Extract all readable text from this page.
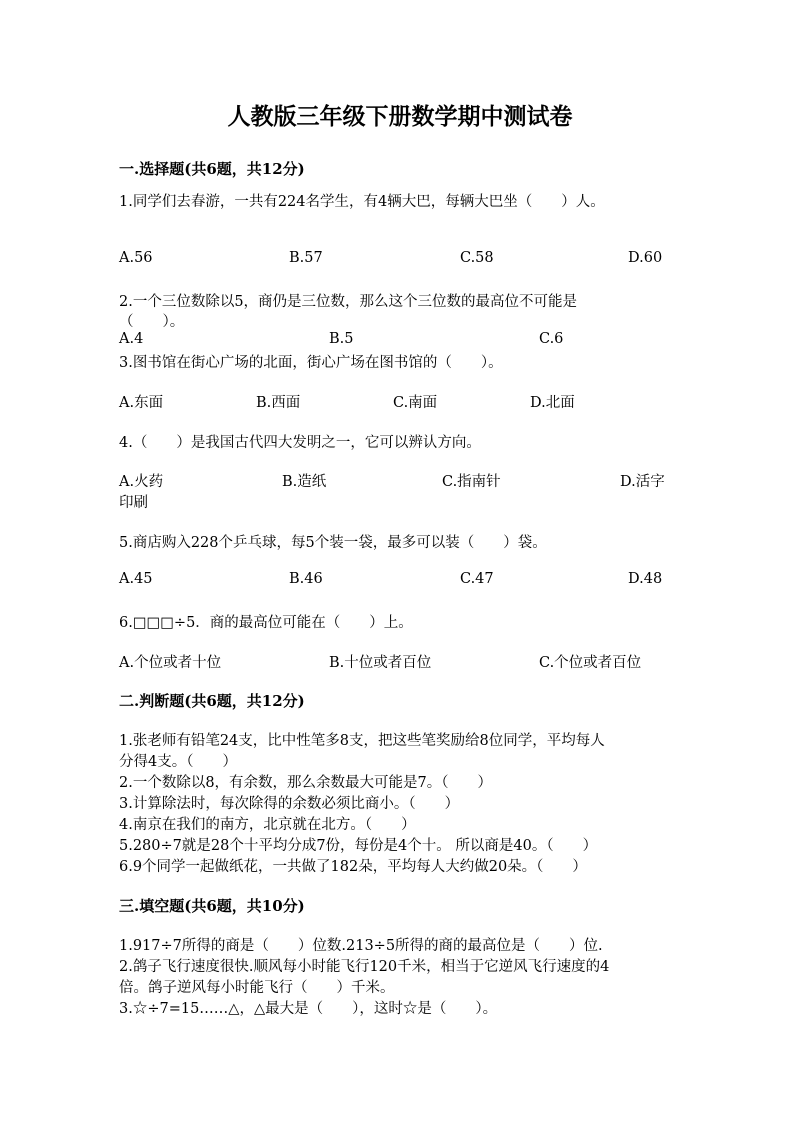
人教版三年级下册数学期中测试卷
一.选择题(共6题，共12分)
1.同学们去春游，一共有224名学生，有4辆大巴，每辆大巴坐（　　）人。
A.56	B.57	C.58	D.60
2.一个三位数除以5，商仍是三位数，那么这个三位数的最高位不可能是
（　　）。
A.4	B.5	C.6
3.图书馆在街心广场的北面，街心广场在图书馆的（　　）。
A.东面	B.西面	C.南面	D.北面
4.（　　）是我国古代四大发明之一，它可以辨认方向。
A.火药	B.造纸	C.指南针	D.活字
印刷
5.商店购入228个乒乓球，每5个装一袋，最多可以装（　　）袋。
A.45	B.46	C.47	D.48
6.□□□÷5．商的最高位可能在（　　）上。
A.个位或者十位	B.十位或者百位	C.个位或者百位
二.判断题(共6题，共12分)
1.张老师有铅笔24支，比中性笔多8支，把这些笔奖励给8位同学，平均每人
分得4支。（　　）
2.一个数除以8，有余数，那么余数最大可能是7。（　　）
3.计算除法时，每次除得的余数必须比商小。（　　）
4.南京在我们的南方，北京就在北方。（　　）
5.280÷7就是28个十平均分成7份，每份是4个十。 所以商是40。（　　）
6.9个同学一起做纸花，一共做了182朵，平均每人大约做20朵。（　　）
三.填空题(共6题，共10分)
1.917÷7所得的商是（　　）位数.213÷5所得的商的最高位是（　　）位.
2.鸽子飞行速度很快.顺风每小时能飞行120千米，相当于它逆风飞行速度的4
倍。鸽子逆风每小时能飞行（　　）千米。
3.☆÷7=15……△，△最大是（　　），这时☆是（　　）。
